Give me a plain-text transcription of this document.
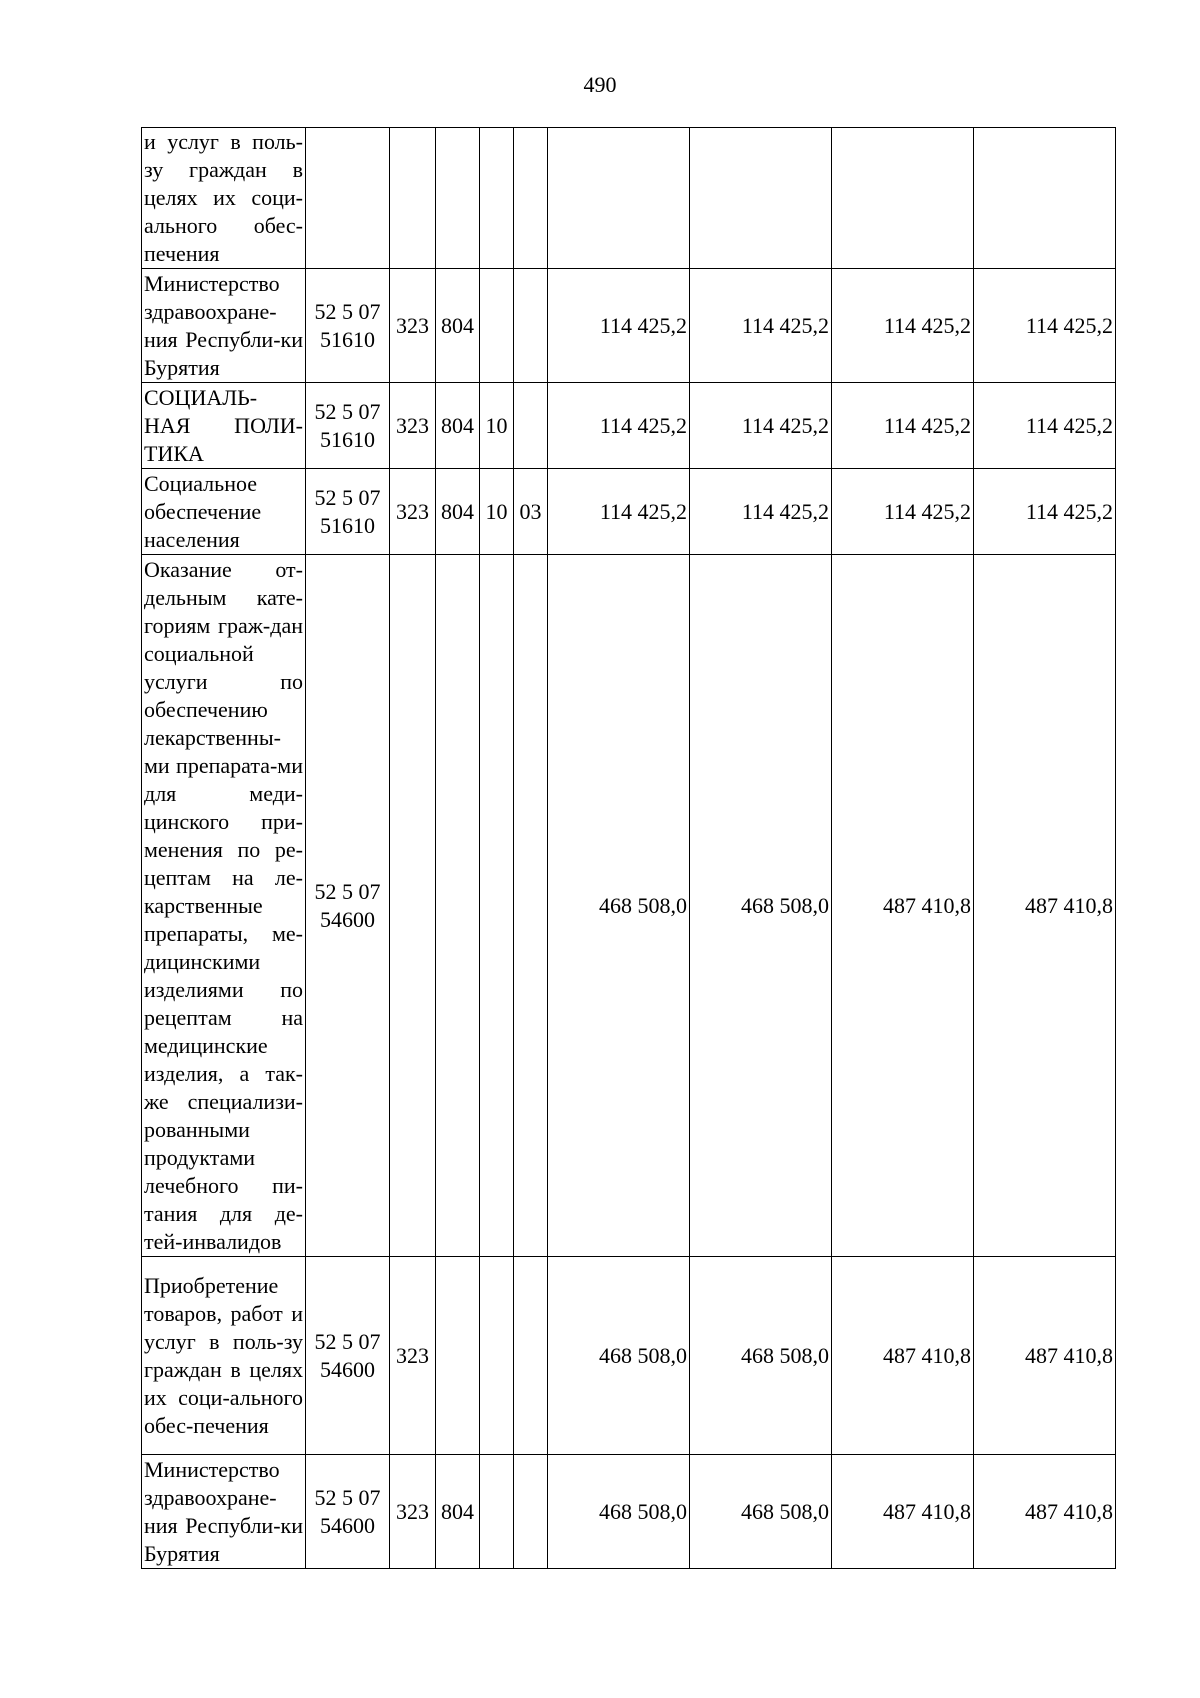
490
и услуг в поль-зу граждан в целях их соци-ального обес-печения									
Министерство здравоохране-ния Республи-ки Бурятия	52 5 07 51610	323	804			114 425,2	114 425,2	114 425,2	114 425,2
СОЦИАЛЬ-НАЯ ПОЛИ-ТИКА	52 5 07 51610	323	804	10		114 425,2	114 425,2	114 425,2	114 425,2
Социальное обеспечение населения	52 5 07 51610	323	804	10	03	114 425,2	114 425,2	114 425,2	114 425,2
Оказание от-дельным кате-гориям граж-дан социальной услуги по обеспечению лекарственны-ми препарата-ми для меди-цинского при-менения по ре-цептам на ле-карственные препараты, ме-дицинскими изделиями по рецептам на медицинские изделия, а так-же специализи-рованными продуктами лечебного пи-тания для де-тей-инвалидов	52 5 07 54600					468 508,0	468 508,0	487 410,8	487 410,8
Приобретение товаров, работ и услуг в поль-зу граждан в целях их соци-ального обес-печения	52 5 07 54600	323				468 508,0	468 508,0	487 410,8	487 410,8
Министерство здравоохране-ния Республи-ки Бурятия	52 5 07 54600	323	804			468 508,0	468 508,0	487 410,8	487 410,8
